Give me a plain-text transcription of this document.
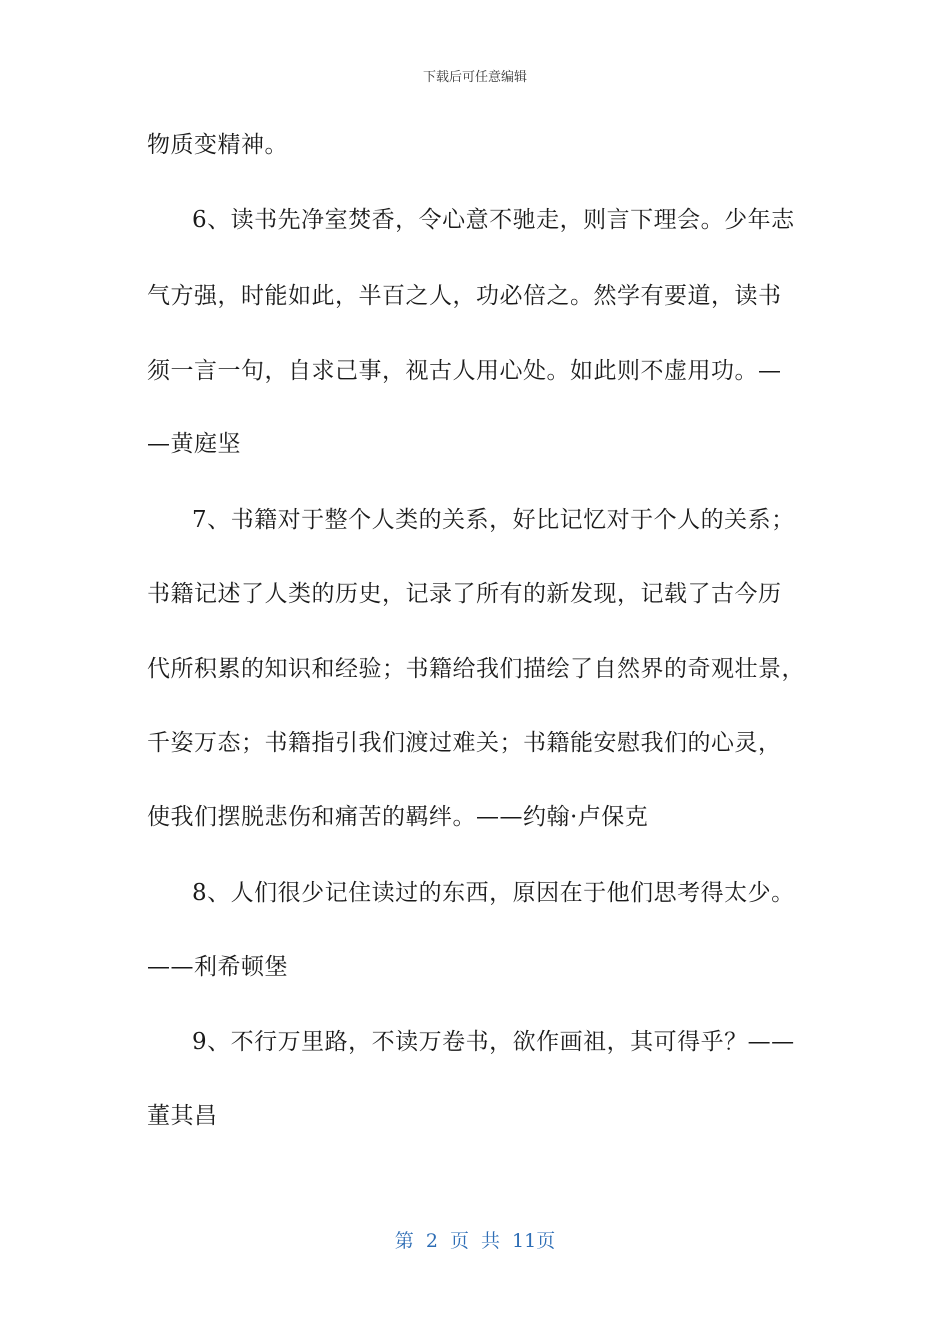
下载后可任意编辑
物质变精神。
6、读书先净室焚香，令心意不驰走，则言下理会。少年志
气方强，时能如此，半百之人，功必倍之。然学有要道，读书
须一言一句，自求己事，视古人用心处。如此则不虚用功。—
—黄庭坚
7、书籍对于整个人类的关系，好比记忆对于个人的关系；
书籍记述了人类的历史，记录了所有的新发现，记载了古今历
代所积累的知识和经验；书籍给我们描绘了自然界的奇观壮景，
千姿万态；书籍指引我们渡过难关；书籍能安慰我们的心灵，
使我们摆脱悲伤和痛苦的羁绊。——约翰·卢保克
8、人们很少记住读过的东西，原因在于他们思考得太少。
——利希顿堡
9、不行万里路，不读万卷书，欲作画祖，其可得乎？——
董其昌
第 2 页 共 11页
